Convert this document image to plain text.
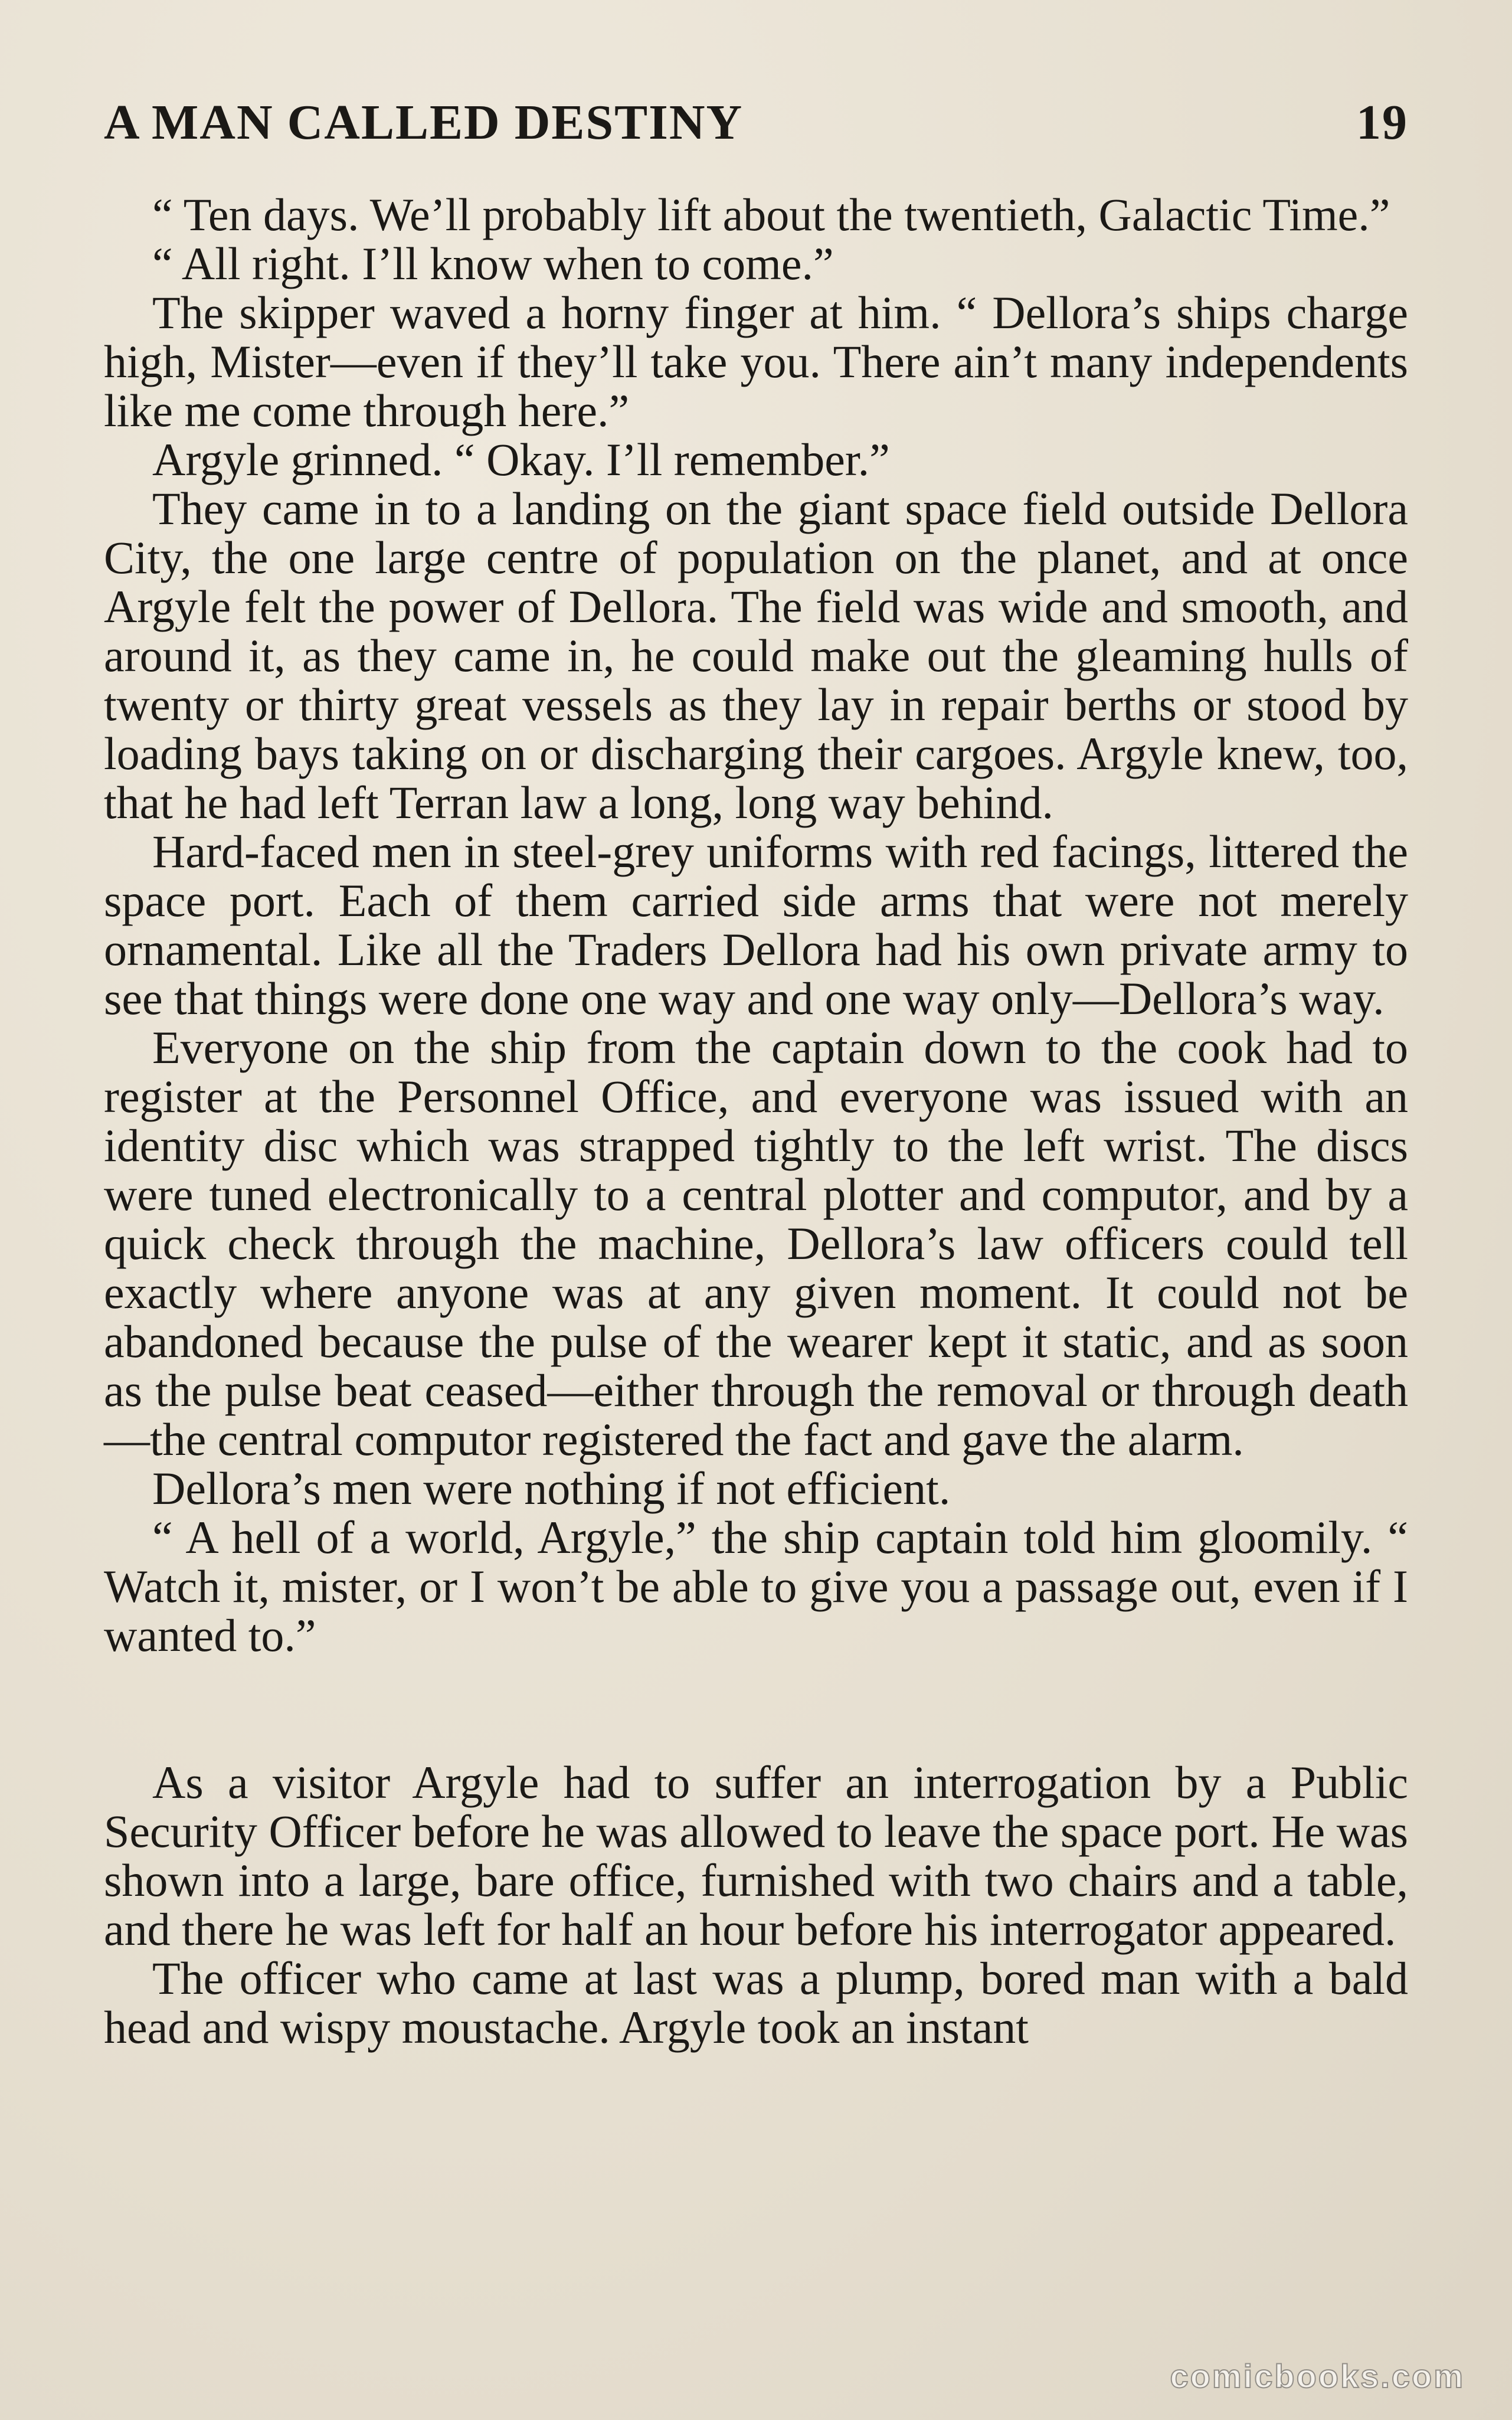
A MAN CALLED DESTINY	19

“ Ten days. We’ll probably lift about the twentieth, Galactic Time.”

“ All right. I’ll know when to come.”

The skipper waved a horny finger at him. “ Dellora’s ships charge high, Mister—even if they’ll take you. There ain’t many independents like me come through here.”

Argyle grinned. “ Okay. I’ll remember.”

They came in to a landing on the giant space field outside Dellora City, the one large centre of population on the planet, and at once Argyle felt the power of Dellora. The field was wide and smooth, and around it, as they came in, he could make out the gleaming hulls of twenty or thirty great vessels as they lay in repair berths or stood by loading bays taking on or discharging their cargoes. Argyle knew, too, that he had left Terran law a long, long way behind.

Hard-faced men in steel-grey uniforms with red facings, littered the space port. Each of them carried side arms that were not merely ornamental. Like all the Traders Dellora had his own private army to see that things were done one way and one way only—Dellora’s way.

Everyone on the ship from the captain down to the cook had to register at the Personnel Office, and everyone was issued with an identity disc which was strapped tightly to the left wrist. The discs were tuned electronically to a central plotter and computor, and by a quick check through the machine, Dellora’s law officers could tell exactly where anyone was at any given moment. It could not be abandoned because the pulse of the wearer kept it static, and as soon as the pulse beat ceased—either through the removal or through death—the central computor registered the fact and gave the alarm.

Dellora’s men were nothing if not efficient.

“ A hell of a world, Argyle,” the ship captain told him gloomily. “ Watch it, mister, or I won’t be able to give you a passage out, even if I wanted to.”

As a visitor Argyle had to suffer an interrogation by a Public Security Officer before he was allowed to leave the space port. He was shown into a large, bare office, furnished with two chairs and a table, and there he was left for half an hour before his interrogator appeared.

The officer who came at last was a plump, bored man with a bald head and wispy moustache. Argyle took an instant

comicbooks.com
